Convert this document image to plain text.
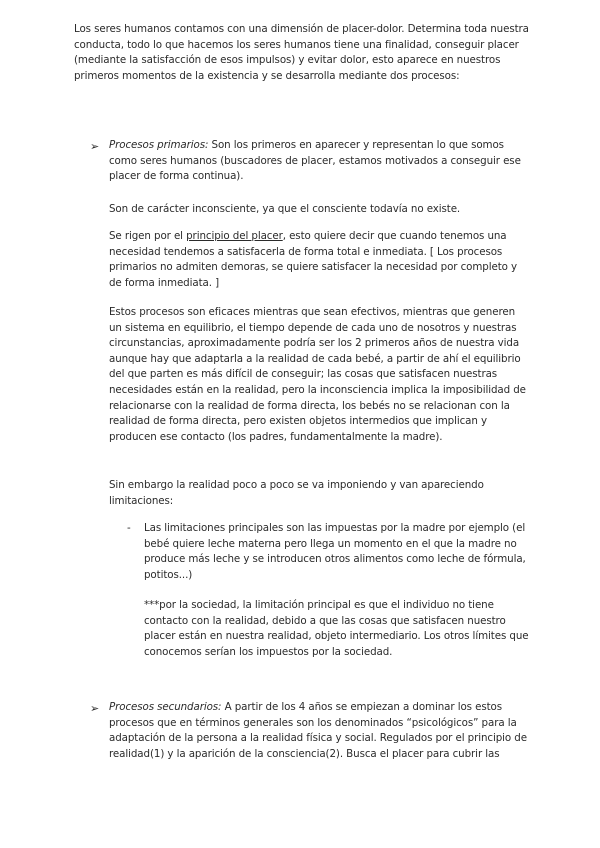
Los seres humanos contamos con una dimensión de placer-dolor. Determina toda nuestra conducta, todo lo que hacemos los seres humanos tiene una finalidad, conseguir placer (mediante la satisfacción de esos impulsos) y evitar dolor, esto aparece en nuestros primeros momentos de la existencia y se desarrolla mediante dos procesos:

➢ Procesos primarios: Son los primeros en aparecer y representan lo que somos como seres humanos (buscadores de placer, estamos motivados a conseguir ese placer de forma continua).

Son de carácter inconsciente, ya que el consciente todavía no existe.

Se rigen por el principio del placer, esto quiere decir que cuando tenemos una necesidad tendemos a satisfacerla de forma total e inmediata. [ Los procesos primarios no admiten demoras, se quiere satisfacer la necesidad por completo y de forma inmediata. ]

Estos procesos son eficaces mientras que sean efectivos, mientras que generen un sistema en equilibrio, el tiempo depende de cada uno de nosotros y nuestras circunstancias, aproximadamente podría ser los 2 primeros años de nuestra vida aunque hay que adaptarla a la realidad de cada bebé, a partir de ahí el equilibrio del que parten es más difícil de conseguir; las cosas que satisfacen nuestras necesidades están en la realidad, pero la inconsciencia implica la imposibilidad de relacionarse con la realidad de forma directa, los bebés no se relacionan con la realidad de forma directa, pero existen objetos intermedios que implican y producen ese contacto (los padres, fundamentalmente la madre).

Sin embargo la realidad poco a poco se va imponiendo y van apareciendo limitaciones:

- Las limitaciones principales son las impuestas por la madre por ejemplo (el bebé quiere leche materna pero llega un momento en el que la madre no produce más leche y se introducen otros alimentos como leche de fórmula, potitos...)

***por la sociedad, la limitación principal es que el individuo no tiene contacto con la realidad, debido a que las cosas que satisfacen nuestro placer están en nuestra realidad, objeto intermediario. Los otros límites que conocemos serían los impuestos por la sociedad.

➢ Procesos secundarios: A partir de los 4 años se empiezan a dominar los estos procesos que en términos generales son los denominados “psicológicos” para la adaptación de la persona a la realidad física y social. Regulados por el principio de realidad(1) y la aparición de la consciencia(2). Busca el placer para cubrir las
